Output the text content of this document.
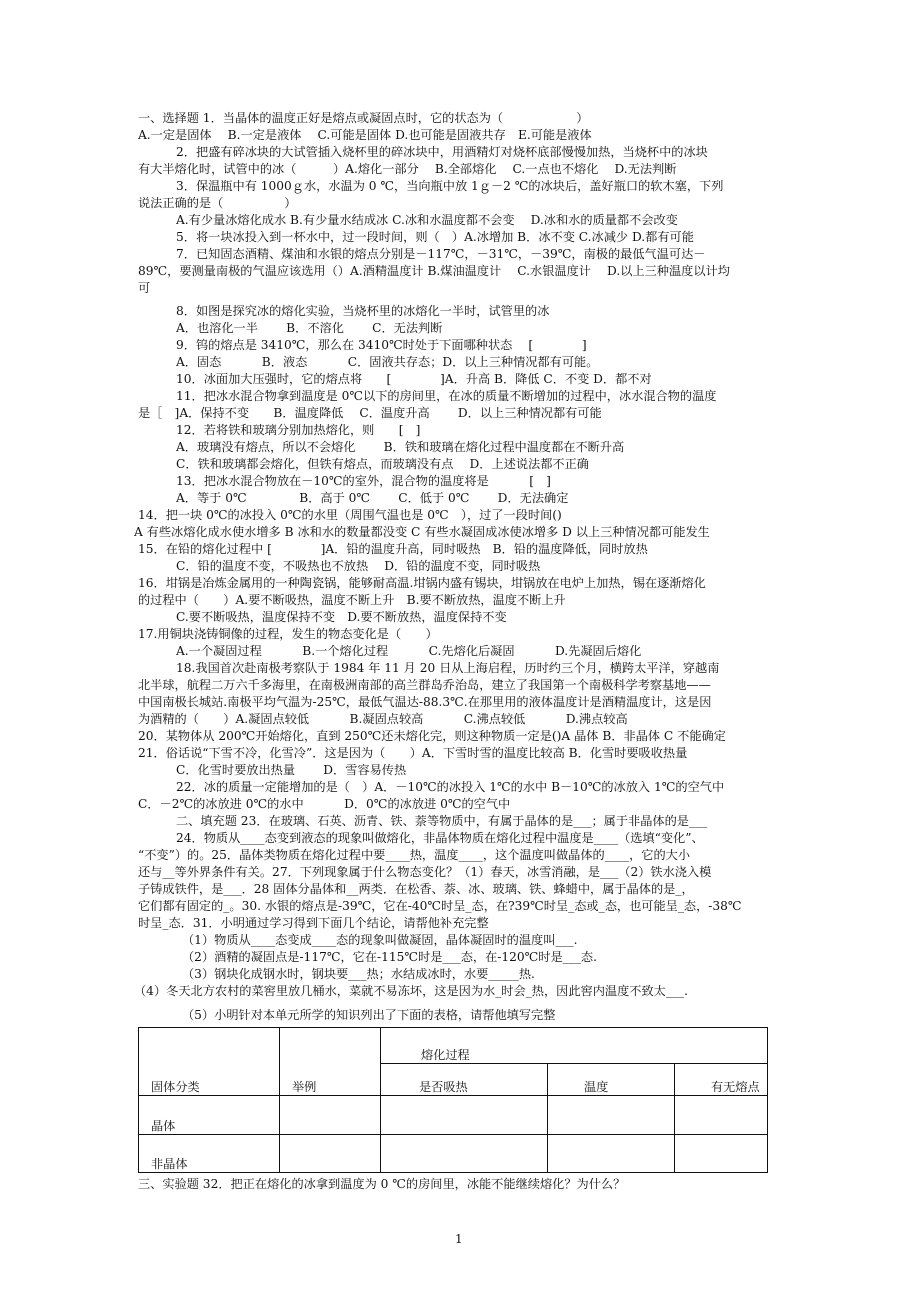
一、选择题 1．当晶体的温度正好是熔点或凝固点时，它的状态为（　　　　　　）
A.一定是固体　 B.一定是液体　 C.可能是固体 D.也可能是固液共存　E.可能是液体
2．把盛有碎冰块的大试管插入烧杯里的碎冰块中，用酒精灯对烧杯底部慢慢加热，当烧杯中的冰块
有大半熔化时，试管中的冰（　　　）A.熔化一部分　 B.全部熔化　 C.一点也不熔化　 D.无法判断
3．保温瓶中有 1000ｇ水，水温为 0 ℃，当向瓶中放 1ｇ－2 ℃的冰块后，盖好瓶口的软木塞，下列
说法正确的是（　　　　　）
A.有少量冰熔化成水 B.有少量水结成冰 C.冰和水温度都不会变　 D.冰和水的质量都不会改变
5．将一块冰投入到一杯水中，过一段时间，则（　）A.冰增加 B．冰不变 C.冰减少 D.都有可能
7．已知固态酒精、煤油和水银的熔点分别是－117℃，－31℃，－39℃，南极的最低气温可达－
89℃，要测量南极的气温应该选用（）A.酒精温度计 B.煤油温度计　 C.水银温度计　 D.以上三种温度以计均
可
8．如图是探究冰的熔化实验，当烧杯里的冰熔化一半时，试管里的冰
A．也溶化一半　　 B．不溶化　　 C．无法判断
9．钨的熔点是 3410℃，那么在 3410℃时处于下面哪种状态　 [　　　　]
A．固态　　　 B．液态　　　 C．固液共存态；D．以上三种情况都有可能。
10．冰面加大压强时，它的熔点将　　[　　　　]A．升高 B．降低 C．不变 D．都不对
11．把冰水混合物拿到温度是 0℃以下的房间里，在冰的质量不断增加的过程中，冰水混合物的温度
是［　]A．保持不变　　B．温度降低　 C．温度升高　　 D．以上三种情况都有可能
12．若将铁和玻璃分别加热熔化，则　　[　]
A．玻璃没有熔点，所以不会熔化　　 B．铁和玻璃在熔化过程中温度都在不断升高
C．铁和玻璃都会熔化，但铁有熔点，而玻璃没有点　 D．上述说法都不正确
13．把冰水混合物放在－10℃的室外，混合物的温度将是　　　 [　]
A．等于 0℃　　　　 B．高于 0℃　　 C．低于 0℃　　 D．无法确定
14．把一块 0℃的冰投入 0℃的水里（周围气温也是 0℃　），过了一段时间()
A 有些冰熔化成水使水增多 B 冰和水的数量都没变 C 有些水凝固成冰使冰增多 D 以上三种情况都可能发生
15．在铅的熔化过程中 [　　　　]A．铅的温度升高，同时吸热　B．铅的温度降低，同时放热
C．铅的温度不变，不吸热也不放热　 D．铅的温度不变，同时吸热
16．坩锅是冶炼金属用的一种陶瓷锅，能够耐高温.坩锅内盛有锡块，坩锅放在电炉上加热，锡在逐渐熔化
的过程中（　　）A.要不断吸热，温度不断上升　B.要不断放热，温度不断上升
C.要不断吸热，温度保持不变　D.要不断放热，温度保持不变
17.用铜块浇铸铜像的过程，发生的物态变化是（　　）
A.一个凝固过程　　　 B.一个熔化过程　　　 C.先熔化后凝固　　　 D.先凝固后熔化
18.我国首次赴南极考察队于 1984 年 11 月 20 日从上海启程，历时约三个月，横跨太平洋，穿越南
北半球，航程二万六千多海里，在南极洲南部的高兰群岛乔治岛，建立了我国第一个南极科学考察基地——
中国南极长城站.南极平均气温为-25℃，最低气温达-88.3℃.在那里用的液体温度计是酒精温度计，这是因
为酒精的（　　）A.凝固点较低　　　 B.凝固点较高　　　 C.沸点较低　　　 D.沸点较高
20．某物体从 200℃开始熔化，直到 250℃还未熔化完，则这种物质一定是()A 晶体 B．非晶体 C 不能确定
21．俗话说“下雪不冷，化雪冷”．这是因为（　　）A．下雪时雪的温度比较高 B．化雪时要吸收热量
C．化雪时要放出热量　　 D．雪容易传热
22．冰的质量一定能增加的是（　）A．－10℃的冰投入 1℃的水中 B－10℃的冰放入 1℃的空气中
C．－2℃的冰放进 0℃的水中　　　 D．0℃的冰放进 0℃的空气中
二、填充题 23．在玻璃、石英、沥青、铁、萘等物质中，有属于晶体的是___；属于非晶体的是___
24．物质从____态变到液态的现象叫做熔化，非晶体物质在熔化过程中温度是____（选填“变化”、
“不变”）的。25．晶体类物质在熔化过程中要____热，温度____，这个温度叫做晶体的____，它的大小
还与__等外界条件有关。27．下列现象属于什么物态变化？（1）春天，冰雪消融，是___（2）铁水浇入模
子铸成铁件，是___．28 固体分晶体和__两类．在松香、萘、冰、玻璃、铁、蜂蜡中，属于晶体的是_，
它们都有固定的_。30. 水银的熔点是-39℃，它在-40℃时呈_态，在?39℃时呈_态或_态，也可能呈_态，-38℃
时呈_态．31．小明通过学习得到下面几个结论，请帮他补充完整
（1）物质从____态变成____态的现象叫做凝固，晶体凝固时的温度叫___.
（2）酒精的凝固点是-117℃，它在-115℃时是___态，在-120℃时是___态.
（3）钢块化成钢水时，钢块要___热；水结成冰时，水要_____热.
（4）冬天北方农村的菜窖里放几桶水，菜就不易冻坏，这是因为水_时会_热，因此窖内温度不致太___.
（5）小明针对本单元所学的知识列出了下面的表格，请帮他填写完整
固体分类	举例	熔化过程		
		是否吸热	温度	有无熔点
晶体				
非晶体				
三、实验题 32．把正在熔化的冰拿到温度为 0 ℃的房间里，冰能不能继续熔化？为什么？
1
